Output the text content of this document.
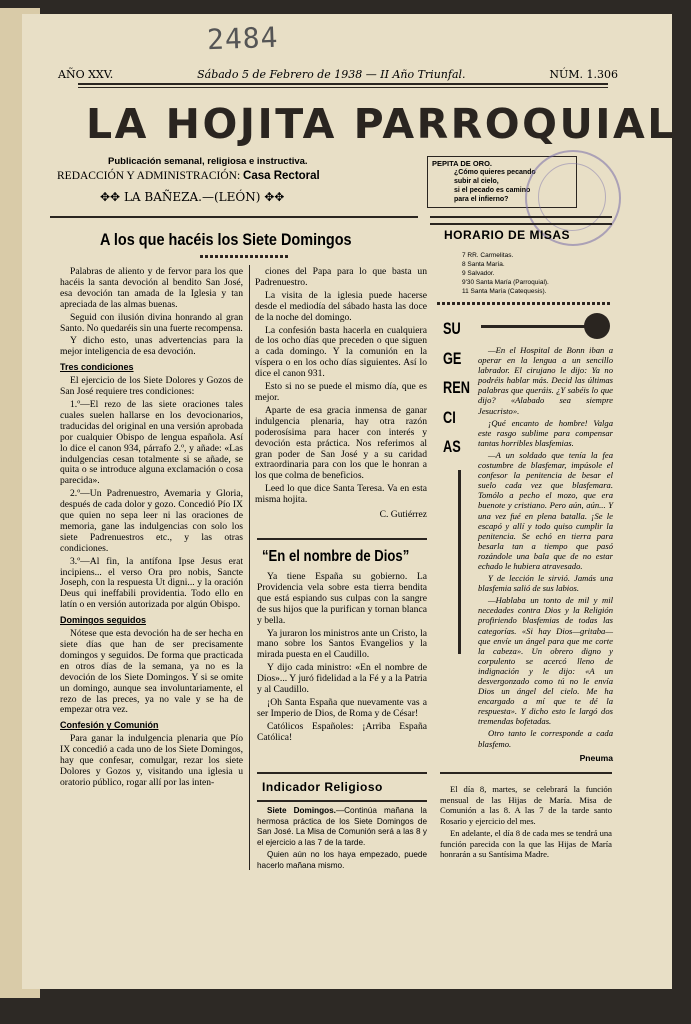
2484
AÑO XXV.	Sábado 5 de Febrero de 1938 — II Año Triunfal.	NÚM. 1.306
LA HOJITA PARROQUIAL
Publicación semanal, religiosa e instructiva.
REDACCIÓN Y ADMINISTRACIÓN: Casa Rectoral
✥✥ LA BAÑEZA.—(LEÓN) ✥✥
PEPITA DE ORO.
¿Cómo quieres pecando
subir al cielo,
si el pecado es camino
para el infierno?
A los que hacéis los Siete Domingos

Palabras de aliento y de fervor para los que hacéis la santa devoción al bendito San José, esa devoción tan amada de la Iglesia y tan apreciada de las almas buenas.

Seguid con ilusión divina honrando al gran Santo. No quedaréis sin una fuerte recompensa.

Y dicho esto, unas advertencias para la mejor inteligencia de esa devoción.

Tres condiciones

El ejercicio de los Siete Dolores y Gozos de San José requiere tres condiciones:

1.º—El rezo de las siete oraciones tales cuales suelen hallarse en los devocionarios, traducidas del original en una versión aprobada por cualquier Obispo de lengua española. Así lo dice el canon 934, párrafo 2.º, y añade: «Las indulgencias cesan totalmente si se añade, se quita o se introduce alguna exclamación o cosa parecida».

2.º—Un Padrenuestro, Avemaria y Gloria, después de cada dolor y gozo. Concedió Pío IX que quien no sepa leer ni las oraciones de memoria, gane las indulgencias con solo los siete Padrenuestros etc., y las otras condiciones.

3.º—Al fin, la antífona Ipse Jesus erat incipiens... el verso Ora pro nobis, Sancte Joseph, con la respuesta Ut digni... y la oración Deus qui ineffabili providentia. Todo ello en latín o en versión autorizada por algún Obispo.

Domingos seguidos

Nótese que esta devoción ha de ser hecha en siete días que han de ser precisamente domingos y seguidos. De forma que practicada en otros días de la semana, ya no es la devoción de los Siete Domingos. Y si se omite un domingo, aunque sea involuntariamente, el rezo de las preces, ya no vale y se ha de empezar otra vez.

Confesión y Comunión

Para ganar la indulgencia plenaria que Pío IX concedió a cada uno de los Siete Domingos, hay que confesar, comulgar, rezar los siete Dolores y Gozos y, visitando una iglesia u oratorio público, rogar allí por las inten-

ciones del Papa para lo que basta un Padrenuestro.

La visita de la iglesia puede hacerse desde el mediodía del sábado hasta las doce de la noche del domingo.

La confesión basta hacerla en cualquiera de los ocho días que preceden o que siguen a cada domingo. Y la comunión en la víspera o en los ocho días siguientes. Así lo dice el canon 931.

Esto si no se puede el mismo día, que es mejor.

Aparte de esa gracia inmensa de ganar indulgencia plenaria, hay otra razón poderosísima para hacer con interés y devoción esta práctica. Nos referimos al gran poder de San José y a su caridad extraordinaria para con los que le honran a los que colma de beneficios.

Leed lo que dice Santa Teresa. Va en esta misma hojita.

C. Gutiérrez

“En el nombre de Dios”

Ya tiene España su gobierno. La Providencia vela sobre esta tierra bendita que está espiando sus culpas con la sangre de sus hijos que la purifican y tornan blanca y bella.

Ya juraron los ministros ante un Cristo, la mano sobre los Santos Evangelios y la mirada puesta en el Caudillo.

Y dijo cada ministro: «En el nombre de Dios»... Y juró fidelidad a la Fé y a la Patria y al Caudillo.

¡Oh Santa España que nuevamente vas a ser Imperio de Dios, de Roma y de César!

Católicos Españoles: ¡Arriba España Católica!

Indicador Religioso

Siete Domingos.—Continúa mañana la hermosa práctica de los Siete Domingos de San José. La Misa de Comunión será a las 8 y el ejercicio a las 7 de la tarde.

Quien aún no los haya empezado, puede hacerlo mañana mismo.

HORARIO DE MISAS
7 RR. Carmelitas.
8 Santa María.
9 Salvador.
9'30 Santa María (Parroquial).
11 Santa María (Catequesis).
SU
GE
REN
CI
AS

—En el Hospital de Bonn iban a operar en la lengua a un sencillo labrador. El cirujano le dijo: Ya no podréis hablar más. Decid las últimas palabras que queráis. ¿Y sabéis lo que dijo? «Alabado sea siempre Jesucristo».

¡Qué encanto de hombre! Valga este rasgo sublime para compensar tantas horribles blasfemias.

—A un soldado que tenía la fea costumbre de blasfemar, impúsole el confesor la penitencia de besar el suelo cada vez que blasfemara. Tomólo a pecho el mozo, que era buenote y cristiano. Pero aún, aún... Y una vez fué en plena batalla. ¡Se le escapó y allí y todo quiso cumplir la penitencia. Se echó en tierra para besarla tan a tiempo que pasó rozándole una bala que de no estar echado le hubiera atravesado.

Y de lección le sirvió. Jamás una blasfemia salió de sus labios.

—Hablaba un tonto de mil y mil necedades contra Dios y la Religión profiriendo blasfemias de todas las categorías. «Si hay Dios—gritaba—que envíe un ángel para que me corte la cabeza». Un obrero digno y corpulento se acercó lleno de indignación y le dijo: «A un desvergonzado como tú no le envía Dios un ángel del cielo. Me ha encargado a mí que te dé la respuesta». Y dicho esto le largó dos tremendas bofetadas.

Otro tanto le corresponde a cada blasfemo.

Pneuma

El día 8, martes, se celebrará la función mensual de las Hijas de María. Misa de Comunión a las 8. A las 7 de la tarde santo Rosario y ejercicio del mes.

En adelante, el día 8 de cada mes se tendrá una función parecida con la que las Hijas de María honrarán a su Santísima Madre.
